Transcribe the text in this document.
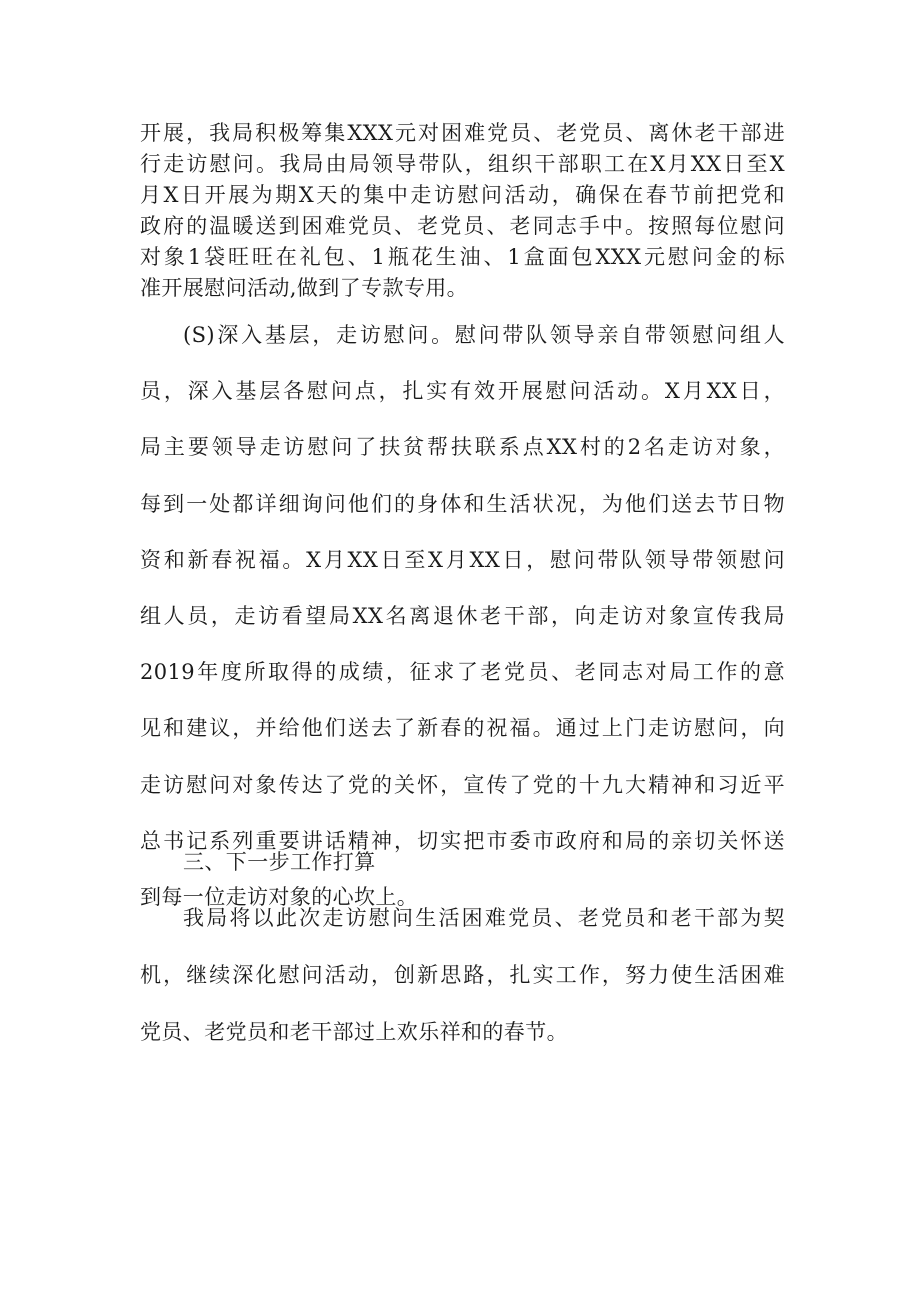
开展，我局积极筹集XXX元对困难党员、老党员、离休老干部进
行走访慰问。我局由局领导带队，组织干部职工在X月XX日至X
月X日开展为期X天的集中走访慰问活动，确保在春节前把党和
政府的温暖送到困难党员、老党员、老同志手中。按照每位慰问
对象1袋旺旺在礼包、1瓶花生油、1盒面包XXX元慰问金的标
准开展慰问活动,做到了专款专用。
(S)深入基层，走访慰问。慰问带队领导亲自带领慰问组人
员，深入基层各慰问点，扎实有效开展慰问活动。X月XX日，
局主要领导走访慰问了扶贫帮扶联系点XX村的2名走访对象，
每到一处都详细询问他们的身体和生活状况，为他们送去节日物
资和新春祝福。X月XX日至X月XX日，慰问带队领导带领慰问
组人员，走访看望局XX名离退休老干部，向走访对象宣传我局
2019年度所取得的成绩，征求了老党员、老同志对局工作的意
见和建议，并给他们送去了新春的祝福。通过上门走访慰问，向
走访慰问对象传达了党的关怀，宣传了党的十九大精神和习近平
总书记系列重要讲话精神，切实把市委市政府和局的亲切关怀送
到每一位走访对象的心坎上。
三、下一步工作打算
我局将以此次走访慰问生活困难党员、老党员和老干部为契
机，继续深化慰问活动，创新思路，扎实工作，努力使生活困难
党员、老党员和老干部过上欢乐祥和的春节。
